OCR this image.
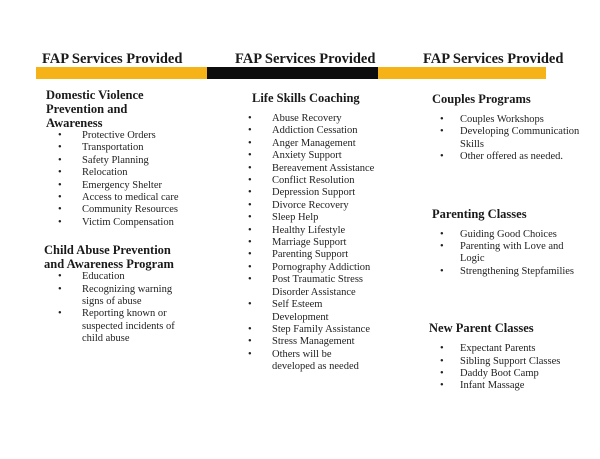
FAP Services Provided	FAP Services Provided	FAP Services Provided
Domestic Violence
Prevention and
Awareness
• Protective Orders
• Transportation
• Safety Planning
• Relocation
• Emergency Shelter
• Access to medical care
• Community Resources
• Victim Compensation
Child Abuse Prevention
and Awareness Program
• Education
• Recognizing warning signs of abuse
• Reporting known or suspected incidents of child abuse
Life Skills Coaching
• Abuse Recovery
• Addiction Cessation
• Anger Management
• Anxiety Support
• Bereavement Assistance
• Conflict Resolution
• Depression Support
• Divorce Recovery
• Sleep Help
• Healthy Lifestyle
• Marriage Support
• Parenting Support
• Pornography Addiction
• Post Traumatic Stress Disorder Assistance
• Self Esteem Development
• Step Family Assistance
• Stress Management
• Others will be developed as needed
Couples Programs
• Couples Workshops
• Developing Communication Skills
• Other offered as needed.
Parenting Classes
• Guiding Good Choices
• Parenting with Love and Logic
• Strengthening Stepfamilies
New Parent Classes
• Expectant Parents
• Sibling Support Classes
• Daddy Boot Camp
• Infant Massage
